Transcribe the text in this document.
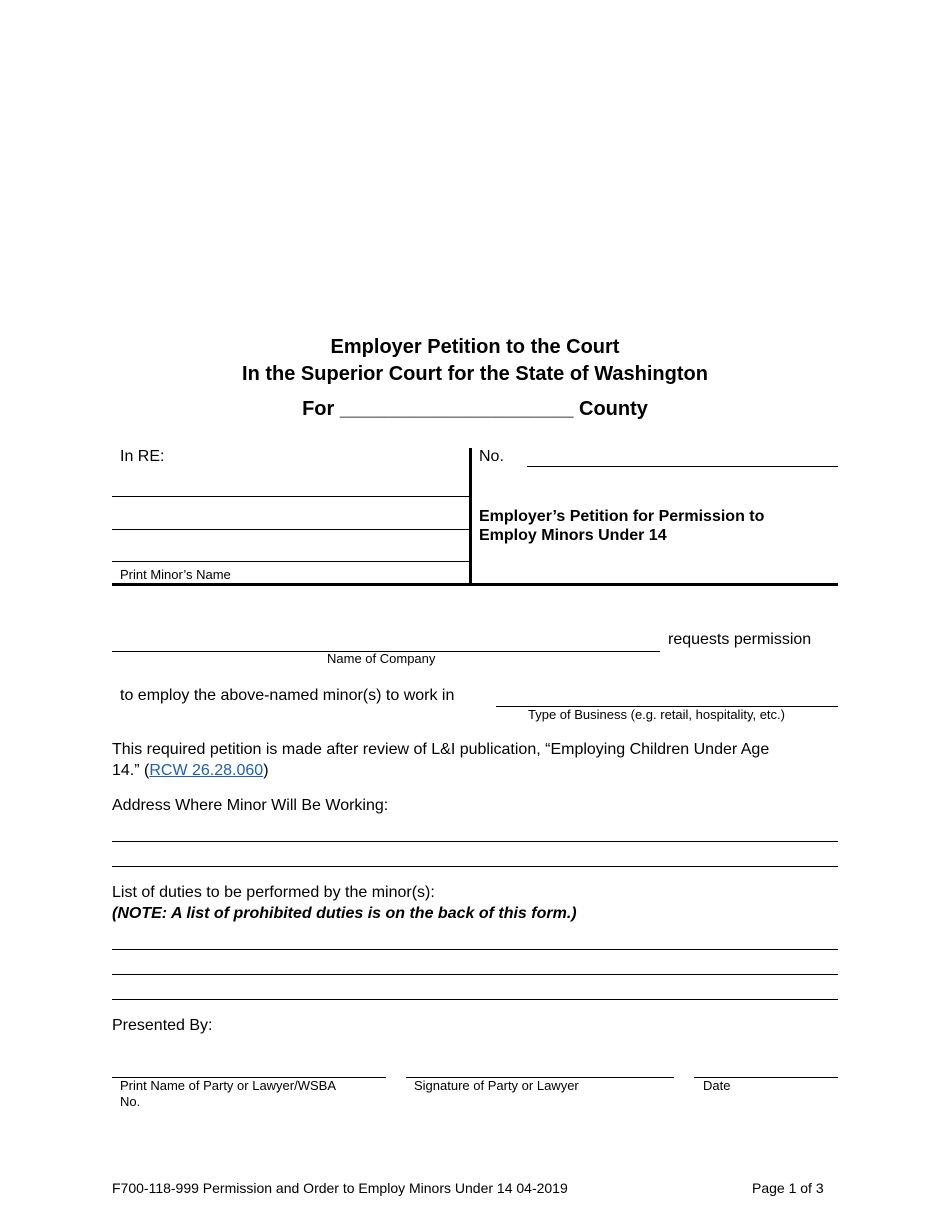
Employer Petition to the Court
In the Superior Court for the State of Washington
For _____________________ County
In RE:
Print Minor’s Name
No.
Employer’s Petition for Permission to
Employ Minors Under 14
requests permission
Name of Company
to employ the above-named minor(s) to work in
Type of Business (e.g. retail, hospitality, etc.)
This required petition is made after review of L&I publication, “Employing Children Under Age
14.” (RCW 26.28.060)
Address Where Minor Will Be Working:
List of duties to be performed by the minor(s):
(NOTE: A list of prohibited duties is on the back of this form.)
Presented By:
Print Name of Party or Lawyer/WSBA
No.
Signature of Party or Lawyer	Date
F700-118-999 Permission and Order to Employ Minors Under 14 04-2019	Page 1 of 3
